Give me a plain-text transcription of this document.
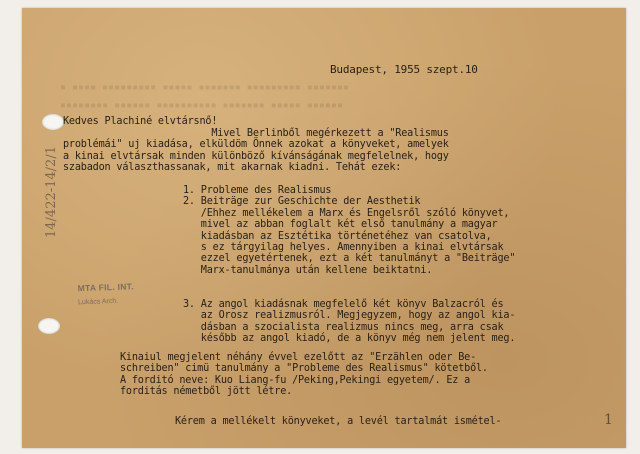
▪ ▪▪▪▪ ▪▪▪▪▪▪▪▪▪ ▪▪▪▪▪ ▪▪▪▪▪▪▪ ▪▪▪▪▪▪▪▪▪ ▪▪▪▪▪▪▪
▪▪▪▪▪▪▪▪ ▪▪▪▪▪▪ ▪▪▪▪▪▪▪▪▪▪ ▪▪▪▪▪▪▪ ▪▪▪▪▪ ▪▪▪▪▪▪
Budapest, 1955 szept.10
Kedves Plachiné elvtársnő!
Mivel Berlinből megérkezett a "Realismus
problémái" uj kiadása, elküldöm Önnek azokat a könyveket, amelyek
a kinai elvtársak minden különböző kívánságának megfelelnek, hogy
szabadon választhassanak, mit akarnak kiadni. Tehát ezek:
1. Probleme des Realismus
2. Beiträge zur Geschichte der Aesthetik
/Ehhez mellékelem a Marx és Engelsről szóló könyvet,
mivel az abban foglalt két első tanulmány a magyar
kiadásban az Esztétika történetéhez van csatolva,
s ez tárgyilag helyes. Amennyiben a kinai elvtársak
ezzel egyetértenek, ezt a két tanulmányt a "Beiträge"
Marx-tanulmánya után kellene beiktatni.
3. Az angol kiadásnak megfelelő két könyv Balzacról és
az Orosz realizmusról. Megjegyzem, hogy az angol kia-
dásban a szocialista realizmus nincs meg, arra csak
később az angol kiadó, de a könyv még nem jelent meg.
Kinaiul megjelent néhány évvel ezelőtt az "Erzählen oder Be-
schreiben" cimü tanulmány a "Probleme des Realismus" kötetből.
A forditó neve: Kuo Liang-fu /Peking,Pekingi egyetem/. Ez a
forditás németből jött létre.
Kérem a mellékelt könyveket, a levél tartalmát ismétel-
MTA FIL. INT.
Lukács Arch.
14/422-14/2/1
1
